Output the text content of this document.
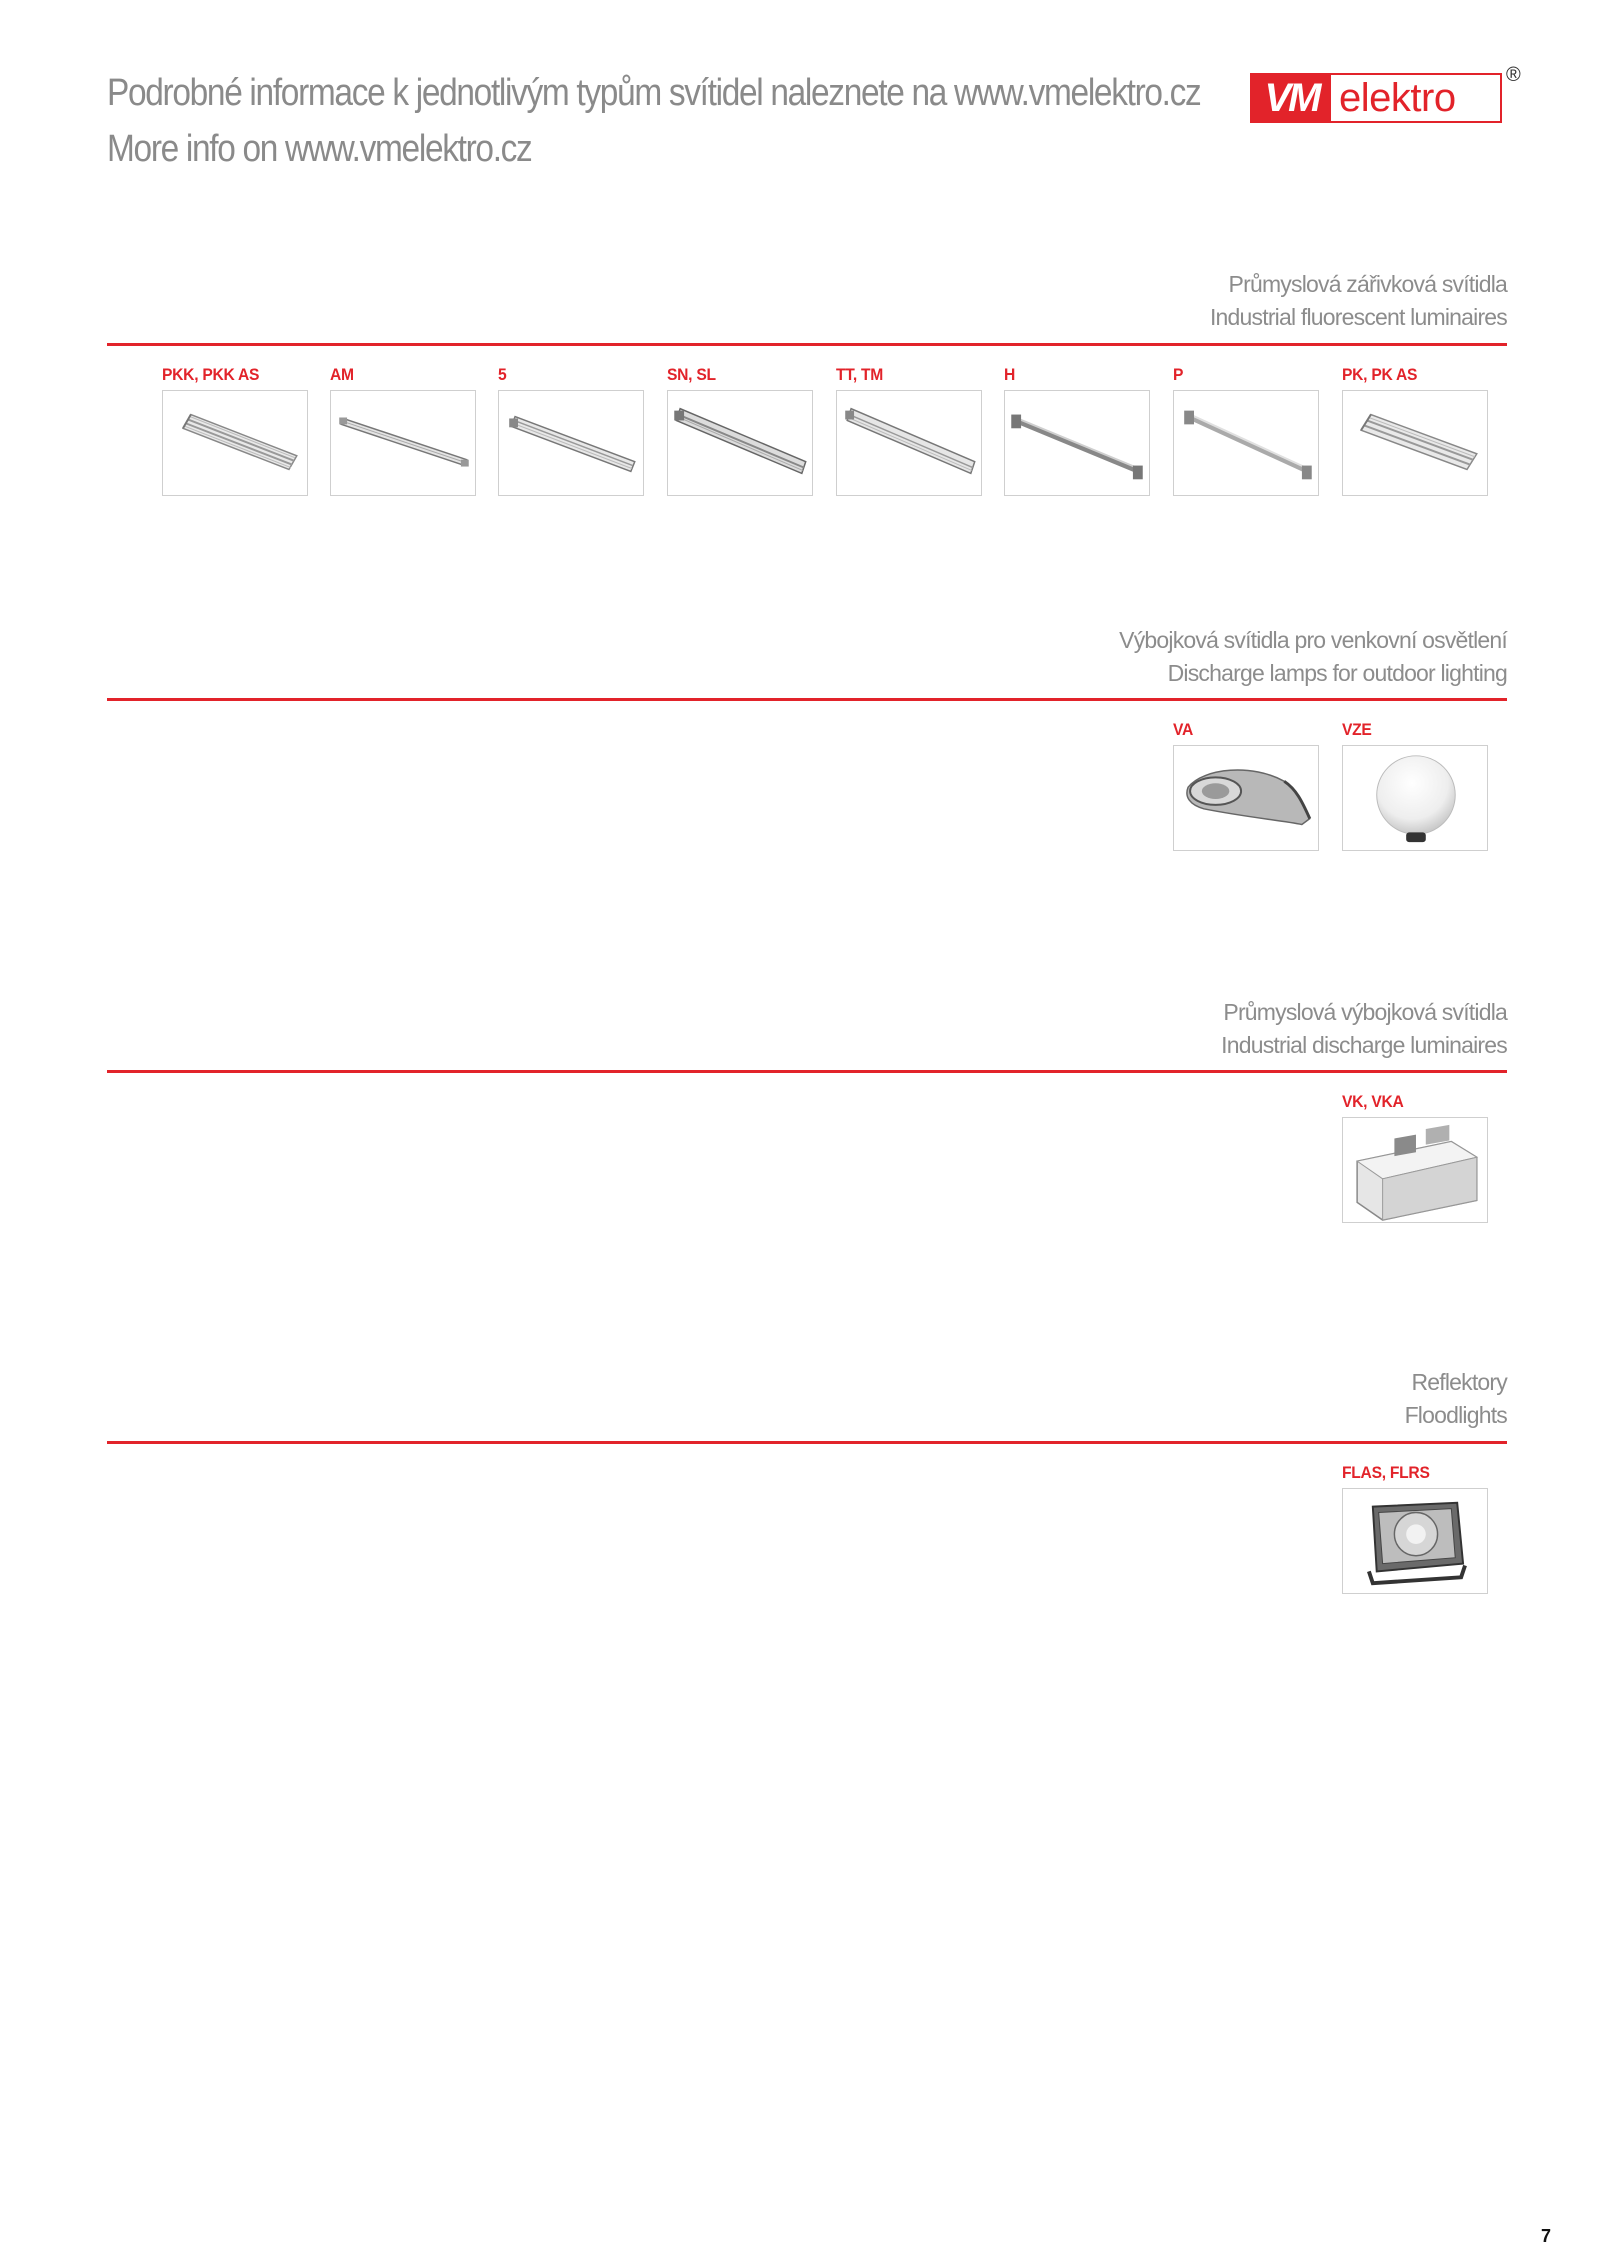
Podrobné informace k jednotlivým typům svítidel naleznete na www.vmelektro.cz
More info on www.vmelektro.cz
VM elektro
®
Průmyslová zářivková svítidla
Industrial fluorescent luminaires
PKK, PKK AS	AM	5	SN, SL	TT, TM	H	P	PK, PK AS
Výbojková svítidla pro venkovní osvětlení
Discharge lamps for outdoor lighting
VA	VZE
Průmyslová výbojková svítidla
Industrial discharge luminaires
VK, VKA
Reflektory
Floodlights
FLAS, FLRS
7
